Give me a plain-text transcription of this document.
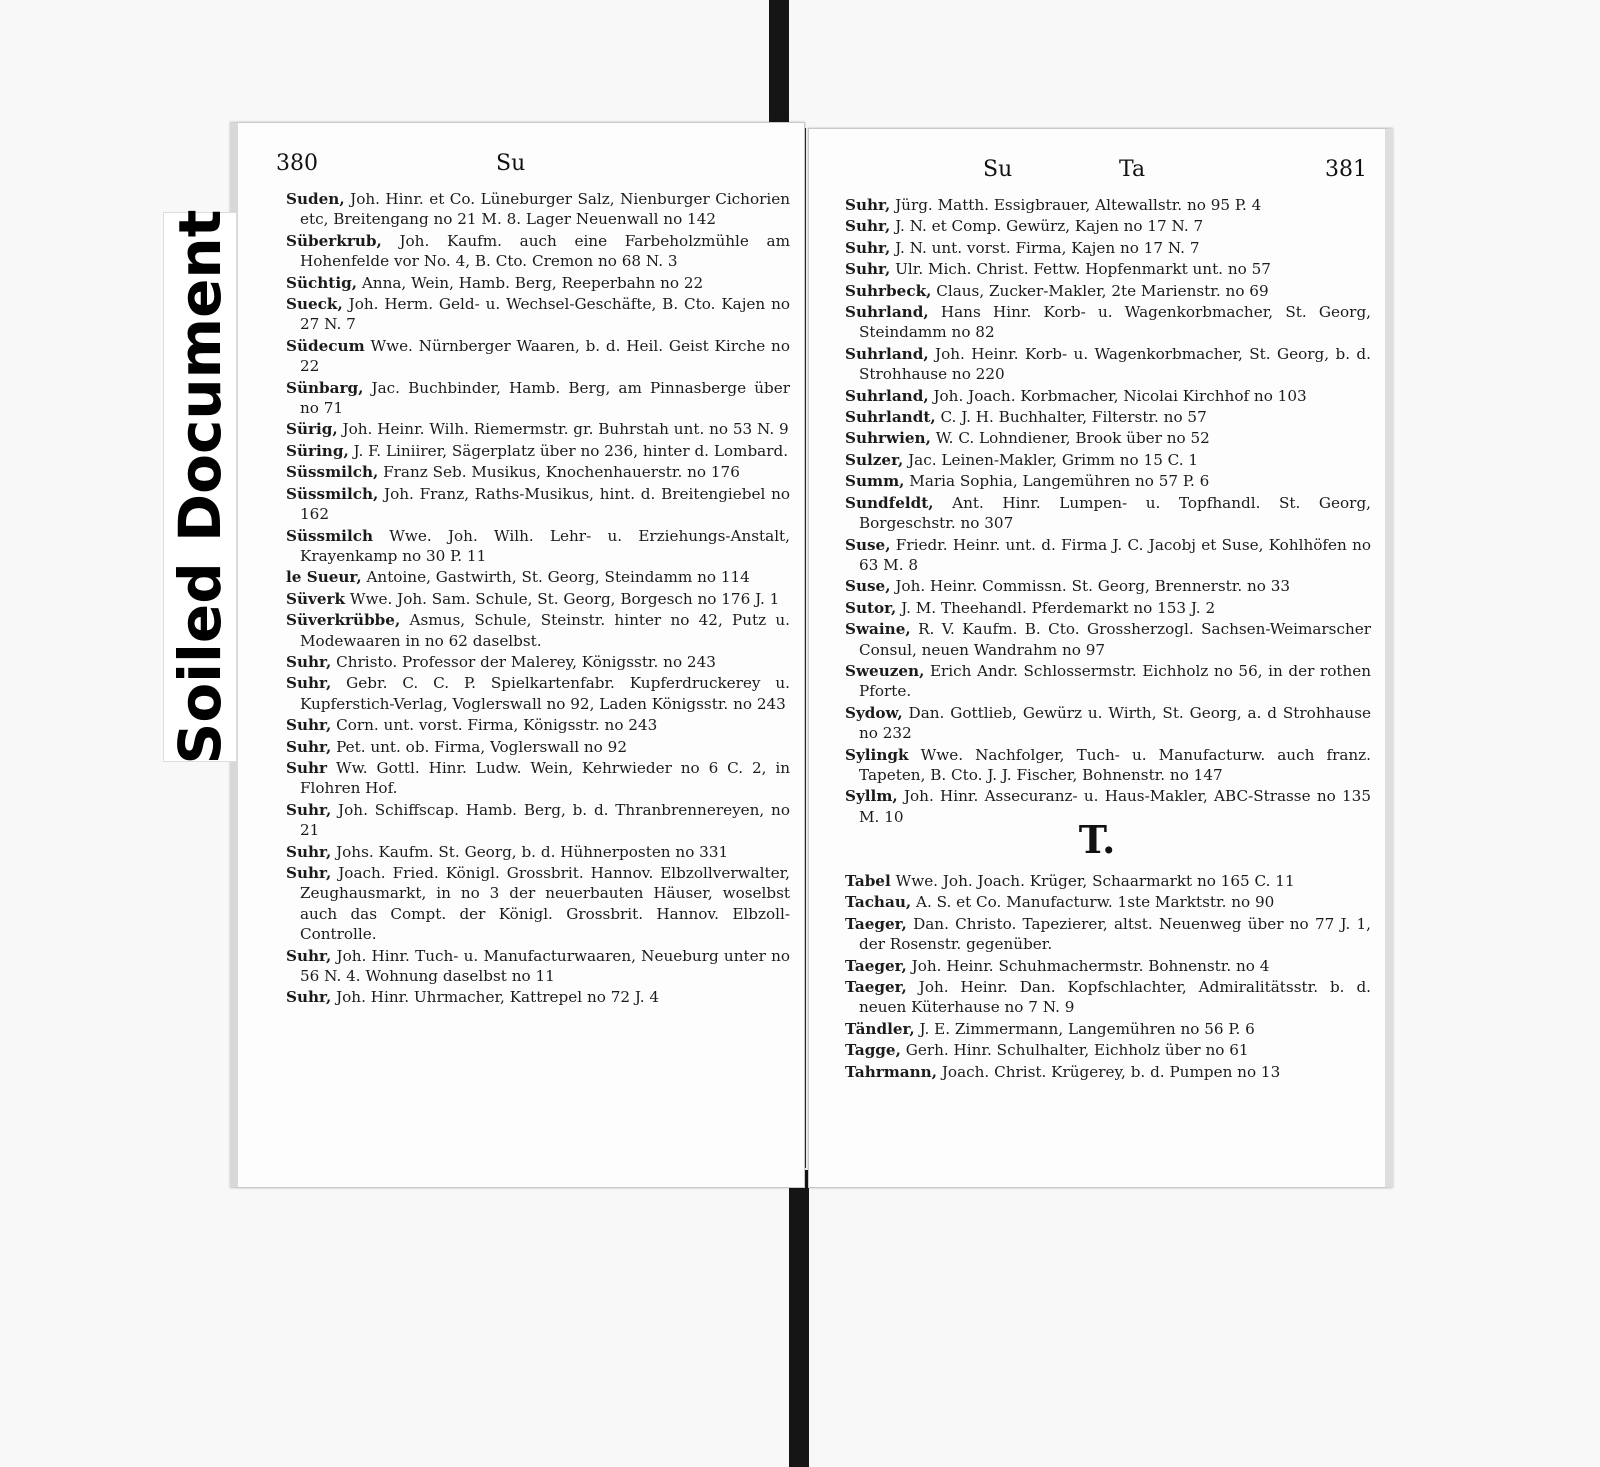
380	Su

Suden, Joh. Hinr. et Co. Lüneburger Salz, Nienburger Cichorien etc, Breitengang no 21 M. 8. Lager Neuenwall no 142

Süberkrub, Joh. Kaufm. auch eine Farbeholzmühle am Hohenfelde vor No. 4, B. Cto. Cremon no 68 N. 3

Süchtig, Anna, Wein, Hamb. Berg, Reeperbahn no 22

Sueck, Joh. Herm. Geld- u. Wechsel-Geschäfte, B. Cto. Kajen no 27 N. 7

Südecum Wwe. Nürnberger Waaren, b. d. Heil. Geist Kirche no 22

Sünbarg, Jac. Buchbinder, Hamb. Berg, am Pinnasberge über no 71

Sürig, Joh. Heinr. Wilh. Riemermstr. gr. Buhrstah unt. no 53 N. 9

Süring, J. F. Liniirer, Sägerplatz über no 236, hinter d. Lombard.

Süssmilch, Franz Seb. Musikus, Knochenhauerstr. no 176

Süssmilch, Joh. Franz, Raths-Musikus, hint. d. Breitengiebel no 162

Süssmilch Wwe. Joh. Wilh. Lehr- u. Erziehungs-Anstalt, Krayenkamp no 30 P. 11

le Sueur, Antoine, Gastwirth, St. Georg, Steindamm no 114

Süverk Wwe. Joh. Sam. Schule, St. Georg, Borgesch no 176 J. 1

Süverkrübbe, Asmus, Schule, Steinstr. hinter no 42, Putz u. Modewaaren in no 62 daselbst.

Suhr, Christo. Professor der Malerey, Königsstr. no 243

Suhr, Gebr. C. C. P. Spielkartenfabr. Kupferdruckerey u. Kupferstich-Verlag, Voglerswall no 92, Laden Königsstr. no 243

Suhr, Corn. unt. vorst. Firma, Königsstr. no 243

Suhr, Pet. unt. ob. Firma, Voglerswall no 92

Suhr Ww. Gottl. Hinr. Ludw. Wein, Kehrwieder no 6 C. 2, in Flohren Hof.

Suhr, Joh. Schiffscap. Hamb. Berg, b. d. Thranbrennereyen, no 21

Suhr, Johs. Kaufm. St. Georg, b. d. Hühnerposten no 331

Suhr, Joach. Fried. Königl. Grossbrit. Hannov. Elbzollverwalter, Zeughausmarkt, in no 3 der neuerbauten Häuser, woselbst auch das Compt. der Königl. Grossbrit. Hannov. Elbzoll-Controlle.

Suhr, Joh. Hinr. Tuch- u. Manufacturwaaren, Neueburg unter no 56 N. 4. Wohnung daselbst no 11

Suhr, Joh. Hinr. Uhrmacher, Kattrepel no 72 J. 4

Su	Ta	381

Suhr, Jürg. Matth. Essigbrauer, Altewallstr. no 95 P. 4

Suhr, J. N. et Comp. Gewürz, Kajen no 17 N. 7

Suhr, J. N. unt. vorst. Firma, Kajen no 17 N. 7

Suhr, Ulr. Mich. Christ. Fettw. Hopfenmarkt unt. no 57

Suhrbeck, Claus, Zucker-Makler, 2te Marienstr. no 69

Suhrland, Hans Hinr. Korb- u. Wagenkorbmacher, St. Georg, Steindamm no 82

Suhrland, Joh. Heinr. Korb- u. Wagenkorbmacher, St. Georg, b. d. Strohhause no 220

Suhrland, Joh. Joach. Korbmacher, Nicolai Kirchhof no 103

Suhrlandt, C. J. H. Buchhalter, Filterstr. no 57

Suhrwien, W. C. Lohndiener, Brook über no 52

Sulzer, Jac. Leinen-Makler, Grimm no 15 C. 1

Summ, Maria Sophia, Langemühren no 57 P. 6

Sundfeldt, Ant. Hinr. Lumpen- u. Topfhandl. St. Georg, Borgeschstr. no 307

Suse, Friedr. Heinr. unt. d. Firma J. C. Jacobj et Suse, Kohlhöfen no 63 M. 8

Suse, Joh. Heinr. Commissn. St. Georg, Brennerstr. no 33

Sutor, J. M. Theehandl. Pferdemarkt no 153 J. 2

Swaine, R. V. Kaufm. B. Cto. Grossherzogl. Sachsen-Weimarscher Consul, neuen Wandrahm no 97

Sweuzen, Erich Andr. Schlossermstr. Eichholz no 56, in der rothen Pforte.

Sydow, Dan. Gottlieb, Gewürz u. Wirth, St. Georg, a. d Strohhause no 232

Sylingk Wwe. Nachfolger, Tuch- u. Manufacturw. auch franz. Tapeten, B. Cto. J. J. Fischer, Bohnenstr. no 147

Syllm, Joh. Hinr. Assecuranz- u. Haus-Makler, ABC-Strasse no 135 M. 10

T.

Tabel Wwe. Joh. Joach. Krüger, Schaarmarkt no 165 C. 11

Tachau, A. S. et Co. Manufacturw. 1ste Marktstr. no 90

Taeger, Dan. Christo. Tapezierer, altst. Neuenweg über no 77 J. 1, der Rosenstr. gegenüber.

Taeger, Joh. Heinr. Schuhmachermstr. Bohnenstr. no 4

Taeger, Joh. Heinr. Dan. Kopfschlachter, Admiralitätsstr. b. d. neuen Küterhause no 7 N. 9

Tändler, J. E. Zimmermann, Langemühren no 56 P. 6

Tagge, Gerh. Hinr. Schulhalter, Eichholz über no 61

Tahrmann, Joach. Christ. Krügerey, b. d. Pumpen no 13

Soiled Document
